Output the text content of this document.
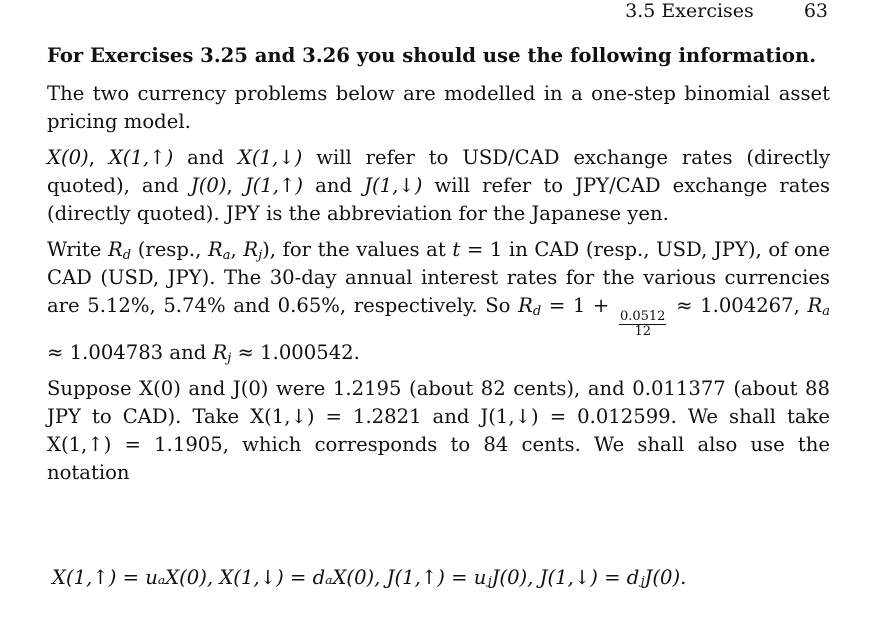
3.5 Exercises	63

For Exercises 3.25 and 3.26 you should use the following information.

The two currency problems below are modelled in a one-step binomial asset pricing model.

X(0), X(1,↑) and X(1,↓) will refer to USD/CAD exchange rates (directly quoted), and J(0), J(1,↑) and J(1,↓) will refer to JPY/CAD exchange rates (directly quoted). JPY is the abbreviation for the Japanese yen.

Write $R_d$ (resp., $R_a$, $R_j$), for the values at t = 1 in CAD (resp., USD, JPY), of one CAD (USD, JPY). The 30-day annual interest rates for the various currencies are 5.12%, 5.74% and 0.65%, respectively. So $R_d = 1$ +
$\frac{0.0512}{12}$
≈ 1.004267, $R_a \approx 1.004783$ and $R_j \approx 1.000542$.

Suppose X(0) and J(0) were 1.2195 (about 82 cents), and 0.011377 (about 88 JPY to CAD). Take X(1,↓) = 1.2821 and J(1,↓) = 0.012599. We shall take X(1,↑) = 1.1905, which corresponds to 84 cents. We shall also use the notation

X(1,↑) = uₐX(0), X(1,↓) = dₐX(0), J(1,↑) = uⱼJ(0), J(1,↓) = dⱼJ(0).
